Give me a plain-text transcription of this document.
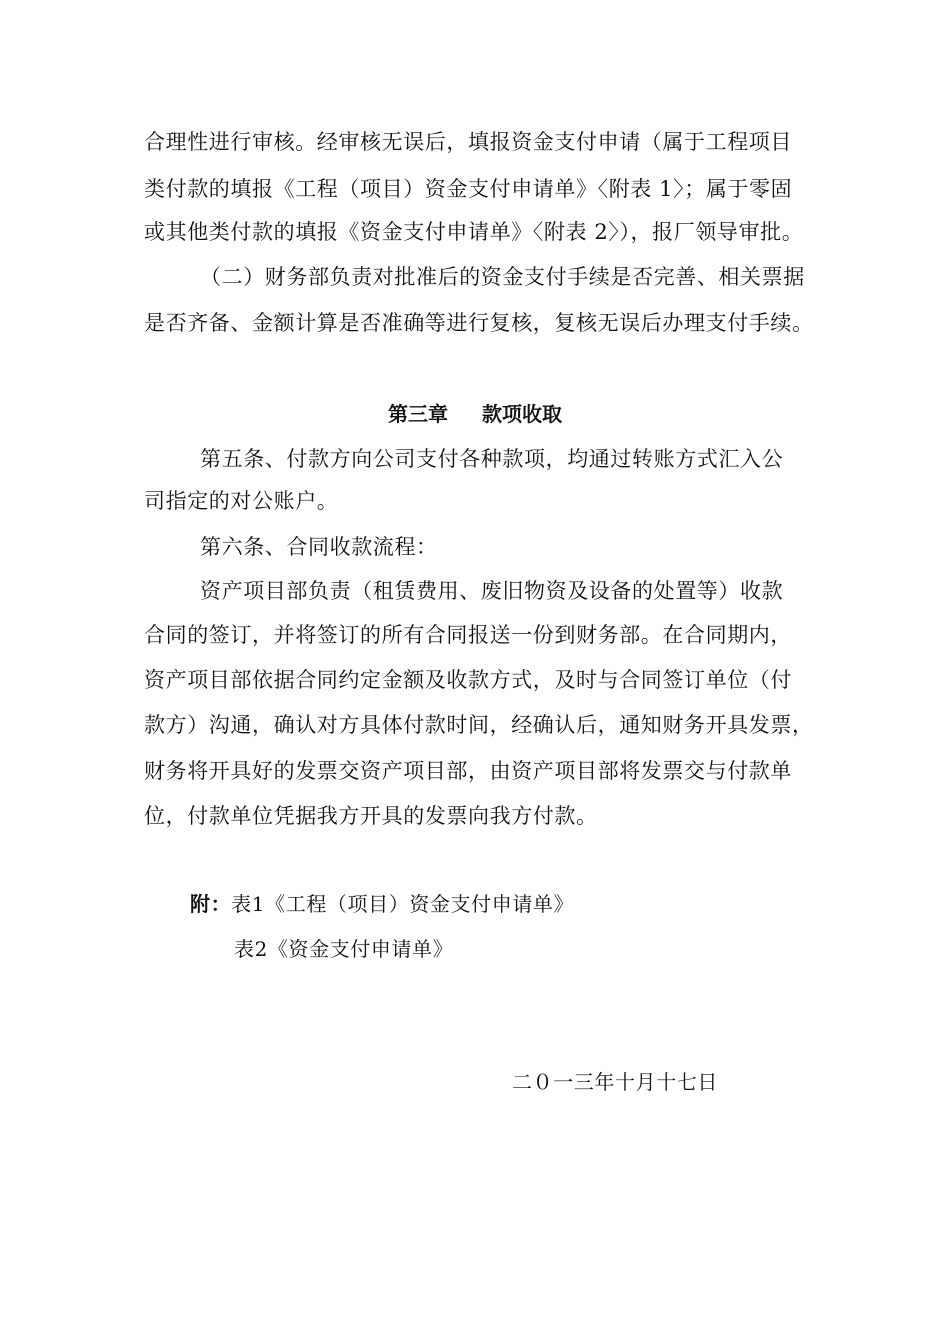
合理性进行审核。经审核无误后，填报资金支付申请（属于工程项目
类付款的填报《工程（项目）资金支付申请单》〈附表 1〉；属于零固
或其他类付款的填报《资金支付申请单》〈附表 2〉），报厂领导审批。
（二）财务部负责对批准后的资金支付手续是否完善、相关票据
是否齐备、金额计算是否准确等进行复核，复核无误后办理支付手续。
第三章 款项收取
第五条、付款方向公司支付各种款项，均通过转账方式汇入公
司指定的对公账户。
第六条、合同收款流程：
资产项目部负责（租赁费用、废旧物资及设备的处置等）收款
合同的签订，并将签订的所有合同报送一份到财务部。在合同期内，
资产项目部依据合同约定金额及收款方式，及时与合同签订单位（付
款方）沟通，确认对方具体付款时间，经确认后，通知财务开具发票，
财务将开具好的发票交资产项目部，由资产项目部将发票交与付款单
位，付款单位凭据我方开具的发票向我方付款。
附：表1《工程（项目）资金支付申请单》
表2《资金支付申请单》
二０一三年十月十七日
